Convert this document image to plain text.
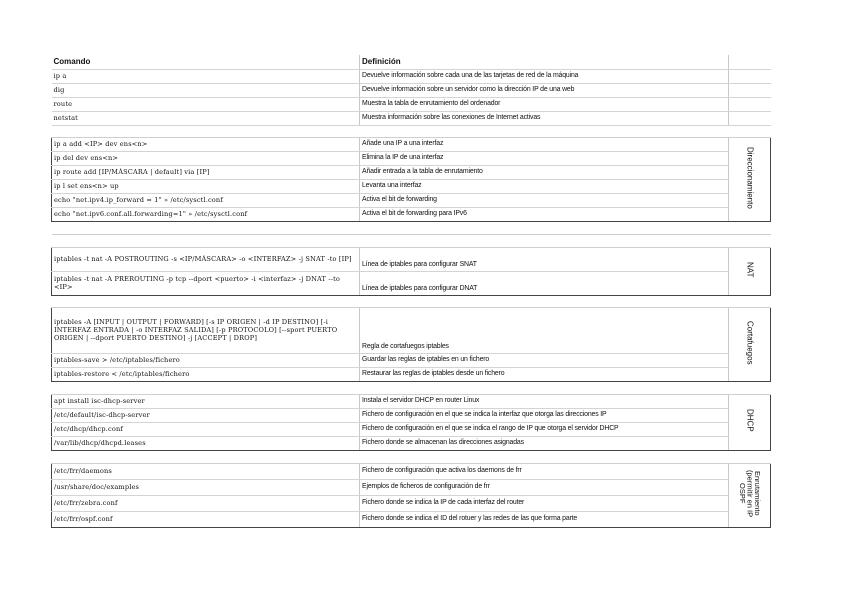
Comando	Definición	
ip a	Devuelve información sobre cada una de las tarjetas de red de la máquina	
dig	Devuelve información sobre un servidor como la dirección IP de una web	
route	Muestra la tabla de enrutamiento del ordenador	
netstat	Muestra información sobre las conexiones de Internet activas	

ip a add <IP> dev ens<n>	Añade una IP a una interfaz	Direccionamiento
ip del dev ens<n>	Elimina la IP de una interfaz	
ip route add [IP/MÁSCARA | default] via [IP]	Añadir entrada a la tabla de enrutamiento	
ip l set ens<n> up	Levanta una interfaz	
echo "net.ipv4.ip_forward = 1" » /etc/sysctl.conf	Activa el bit de forwarding	
echo "net.ipv6.conf.all.forwarding=1" » /etc/sysctl.conf	Activa el bit de forwarding para IPv6	

iptables -t nat -A POSTROUTING -s <IP/MÁSCARA> -o <INTERFAZ> -j SNAT -to [IP]	Línea de iptables para configurar SNAT	NAT
iptables -t nat -A PREROUTING -p tcp --dport <puerto> -i <interfaz> -j DNAT --to <IP>	Línea de iptables para configurar DNAT	

iptables -A [INPUT | OUTPUT | FORWARD] [-s IP ORIGEN | -d IP DESTINO] [-i INTERFAZ ENTRADA | -o INTERFAZ SALIDA] [-p PROTOCOLO] [--sport PUERTO ORIGEN | --dport PUERTO DESTINO] -j [ACCEPT | DROP]	Regla de cortafuegos iptables	Cortafuegos
iptables-save > /etc/iptables/fichero	Guardar las reglas de iptables en un fichero	
iptables-restore < /etc/iptables/fichero	Restaurar las reglas de iptables desde un fichero	

apt install isc-dhcp-server	Instala el servidor DHCP en router Linux	DHCP
/etc/default/isc-dhcp-server	Fichero de configuración en el que se indica la interfaz que otorga las direcciones IP	
/etc/dhcp/dhcp.conf	Fichero de configuración en el que se indica el rango de IP que otorga el servidor DHCP	
/var/lib/dhcp/dhcpd.leases	Fichero donde se almacenan las direcciones asignadas	

/etc/frr/daemons	Fichero de configuración que activa los daemons de frr	Enrutamiento (permitir en IP OSPF
/usr/share/doc/examples	Ejemplos de ficheros de configuración de frr	
/etc/frr/zebra.conf	Fichero donde se indica la IP de cada interfaz del router	
/etc/frr/ospf.conf	Fichero donde se indica el ID del rotuer y las redes de las que forma parte	
